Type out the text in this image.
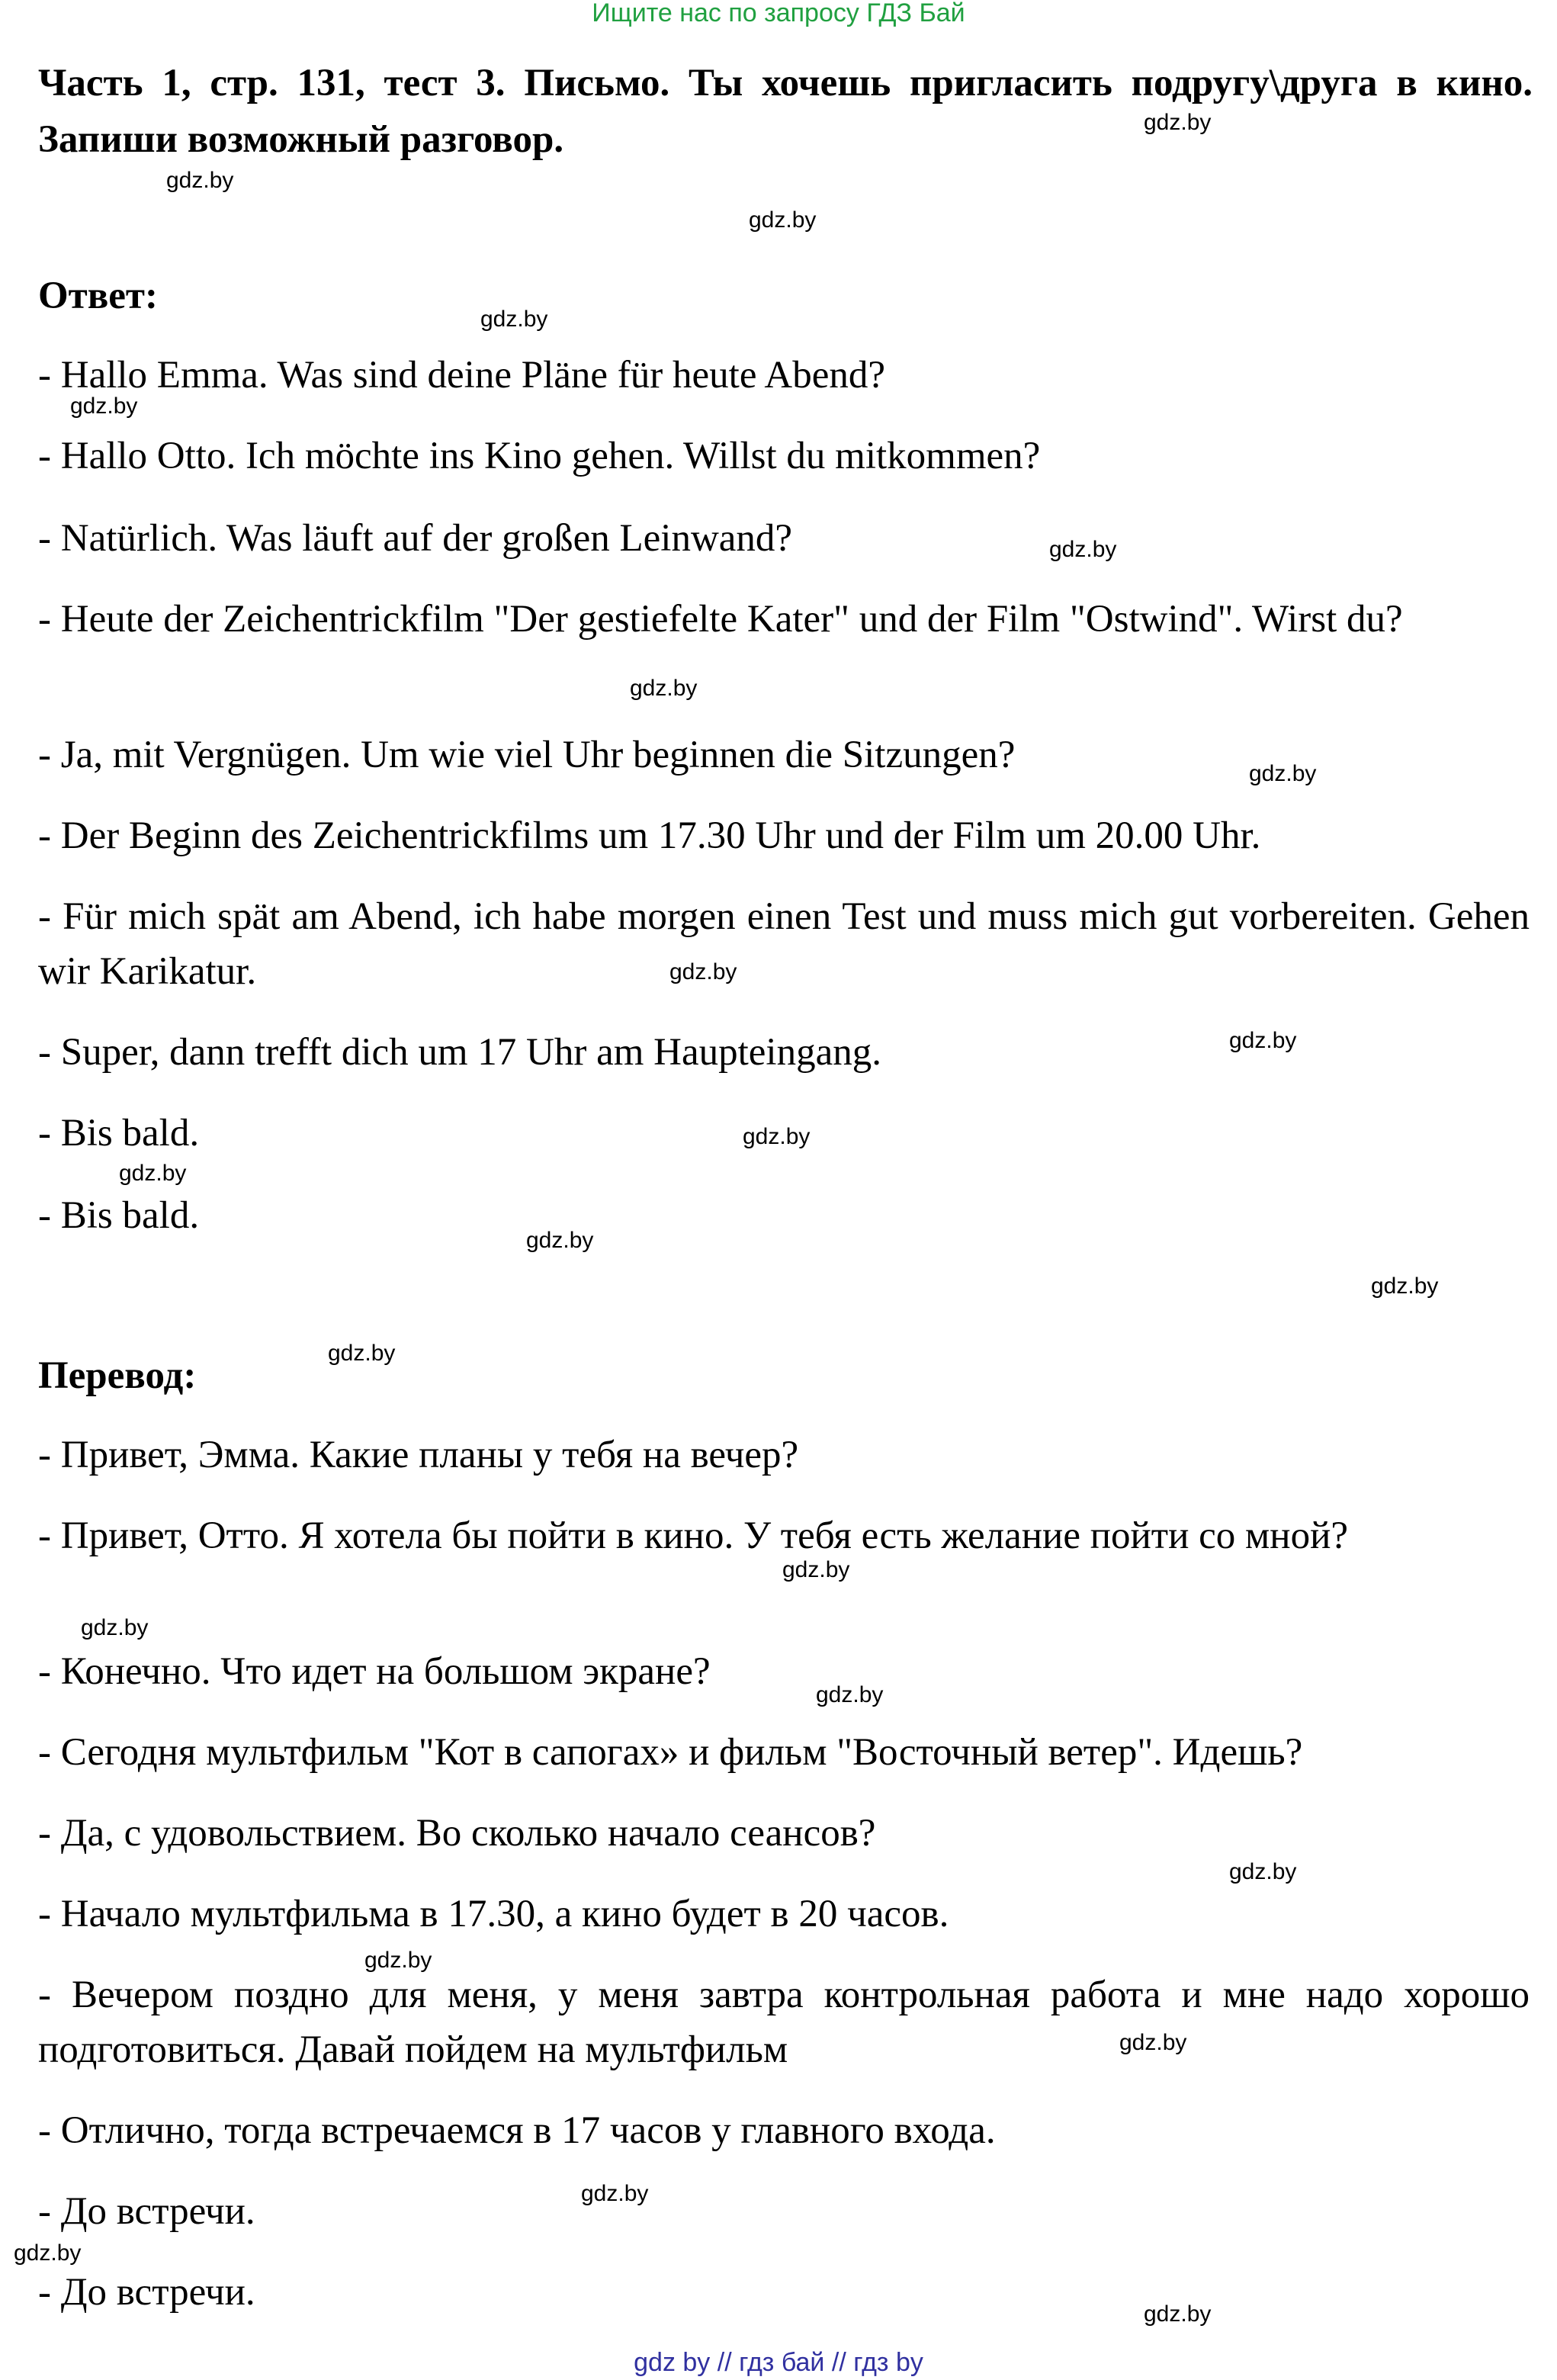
Ищите нас по запросу ГДЗ Бай
Часть 1, стр. 131, тест 3. Письмо. Ты хочешь пригласить подругу\друга в кино. Запиши возможный разговор.
Ответ:
- Hallo Emma. Was sind deine Pläne für heute Abend?
- Hallo Otto. Ich möchte ins Kino gehen. Willst du mitkommen?
- Natürlich. Was läuft auf der großen Leinwand?
- Heute der Zeichentrickfilm "Der gestiefelte Kater" und der Film "Ostwind". Wirst du?
- Ja, mit Vergnügen. Um wie viel Uhr beginnen die Sitzungen?
- Der Beginn des Zeichentrickfilms um 17.30 Uhr und der Film um 20.00 Uhr.
- Für mich spät am Abend, ich habe morgen einen Test und muss mich gut vorbereiten. Gehen wir Karikatur.
- Super, dann trefft dich um 17 Uhr am Haupteingang.
- Bis bald.
- Bis bald.
Перевод:
- Привет, Эмма. Какие планы у тебя на вечер?
- Привет, Отто. Я хотела бы пойти в кино. У тебя есть желание пойти со мной?
- Конечно. Что идет на большом экране?
- Сегодня мультфильм "Кот в сапогах» и фильм "Восточный ветер". Идешь?
- Да, с удовольствием. Во сколько начало сеансов?
- Начало мультфильма в 17.30, а кино будет в 20 часов.
- Вечером поздно для меня, у меня завтра контрольная работа и мне надо хорошо подготовиться. Давай пойдем на мультфильм
- Отлично, тогда встречаемся в 17 часов у главного входа.
- До встречи.
- До встречи.
gdz.by
gdz.by
gdz.by
gdz.by
gdz.by
gdz.by
gdz.by
gdz.by
gdz.by
gdz.by
gdz.by
gdz.by
gdz.by
gdz.by
gdz.by
gdz.by
gdz.by
gdz.by
gdz.by
gdz.by
gdz.by
gdz.by
gdz.by
gdz.by
gdz by // гдз бай // гдз by
